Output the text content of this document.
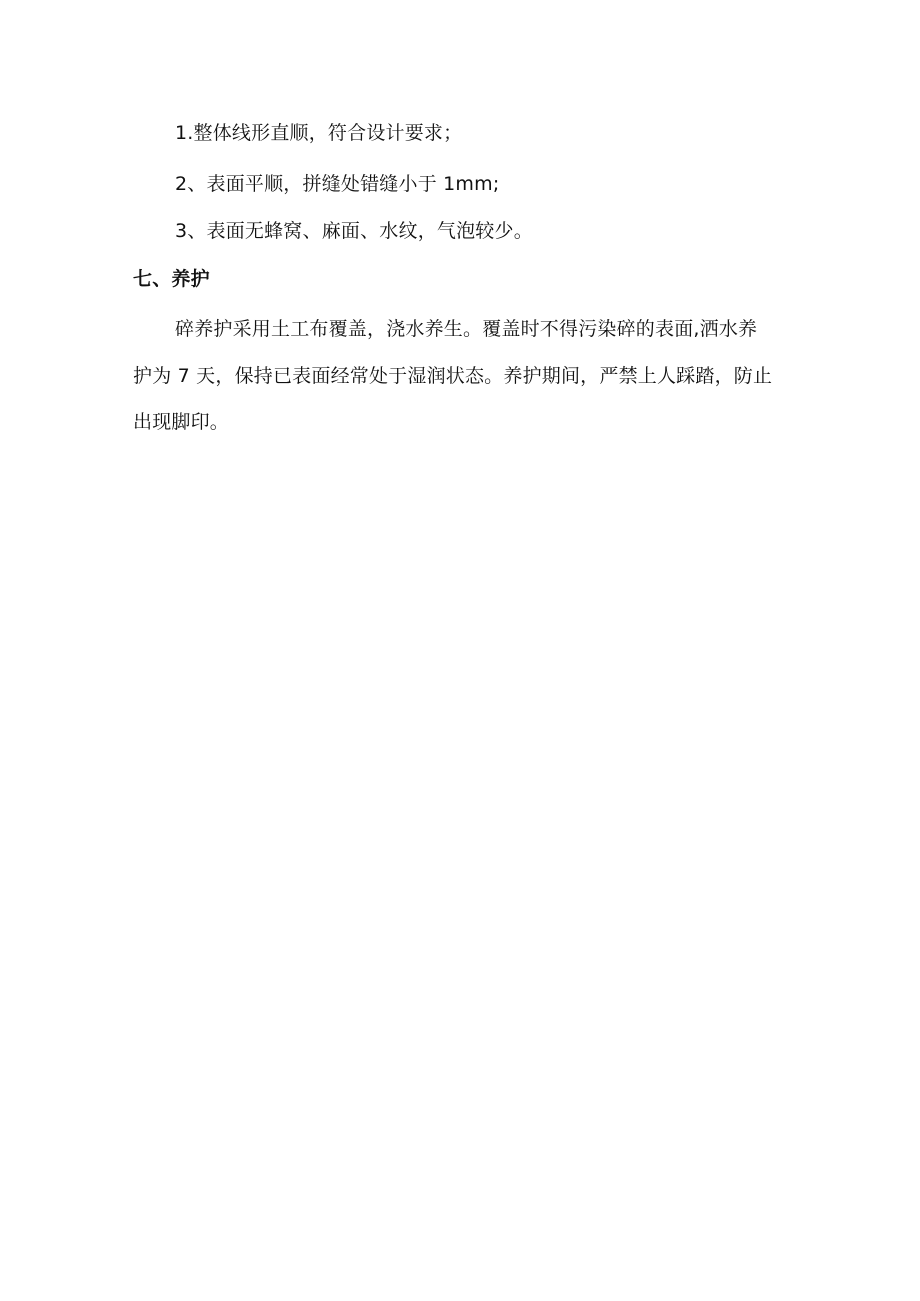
1.整体线形直顺，符合设计要求；
2、表面平顺，拼缝处错缝小于 1mm;
3、表面无蜂窝、麻面、水纹，气泡较少。
七、养护
碎养护采用土工布覆盖，浇水养生。覆盖时不得污染碎的表面,洒水养
护为 7 天，保持已表面经常处于湿润状态。养护期间，严禁上人踩踏，防止
出现脚印。
